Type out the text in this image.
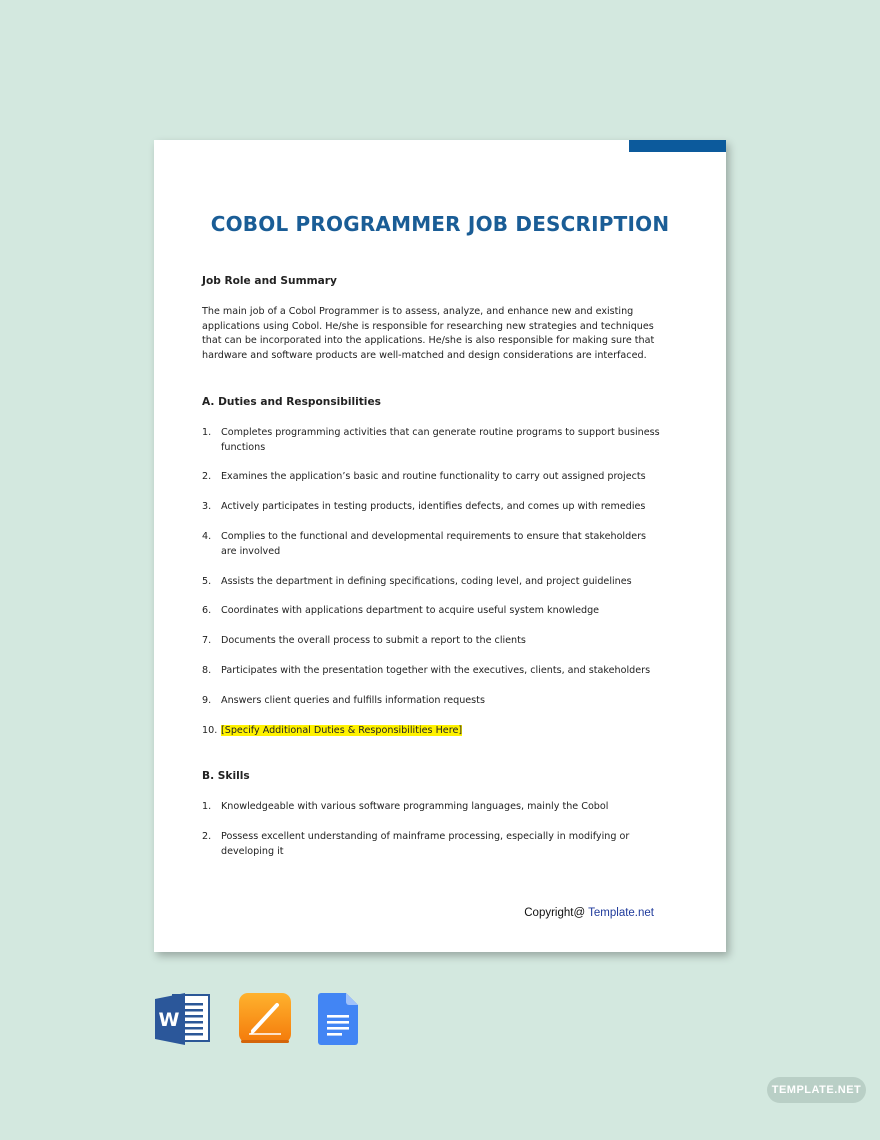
COBOL PROGRAMMER JOB DESCRIPTION
Job Role and Summary

The main job of a Cobol Programmer is to assess, analyze, and enhance new and existing applications using Cobol. He/she is responsible for researching new strategies and techniques that can be incorporated into the applications. He/she is also responsible for making sure that hardware and software products are well-matched and design considerations are interfaced.

A. Duties and Responsibilities
1. Completes programming activities that can generate routine programs to support business functions
2. Examines the application’s basic and routine functionality to carry out assigned projects
3. Actively participates in testing products, identifies defects, and comes up with remedies
4. Complies to the functional and developmental requirements to ensure that stakeholders are involved
5. Assists the department in defining specifications, coding level, and project guidelines
6. Coordinates with applications department to acquire useful system knowledge
7. Documents the overall process to submit a report to the clients
8. Participates with the presentation together with the executives, clients, and stakeholders
9. Answers client queries and fulfills information requests
10. [Specify Additional Duties & Responsibilities Here]
B. Skills
1. Knowledgeable with various software programming languages, mainly the Cobol
2. Possess excellent understanding of mainframe processing, especially in modifying or developing it
Copyright@ Template.net
W
TEMPLATE.NET
